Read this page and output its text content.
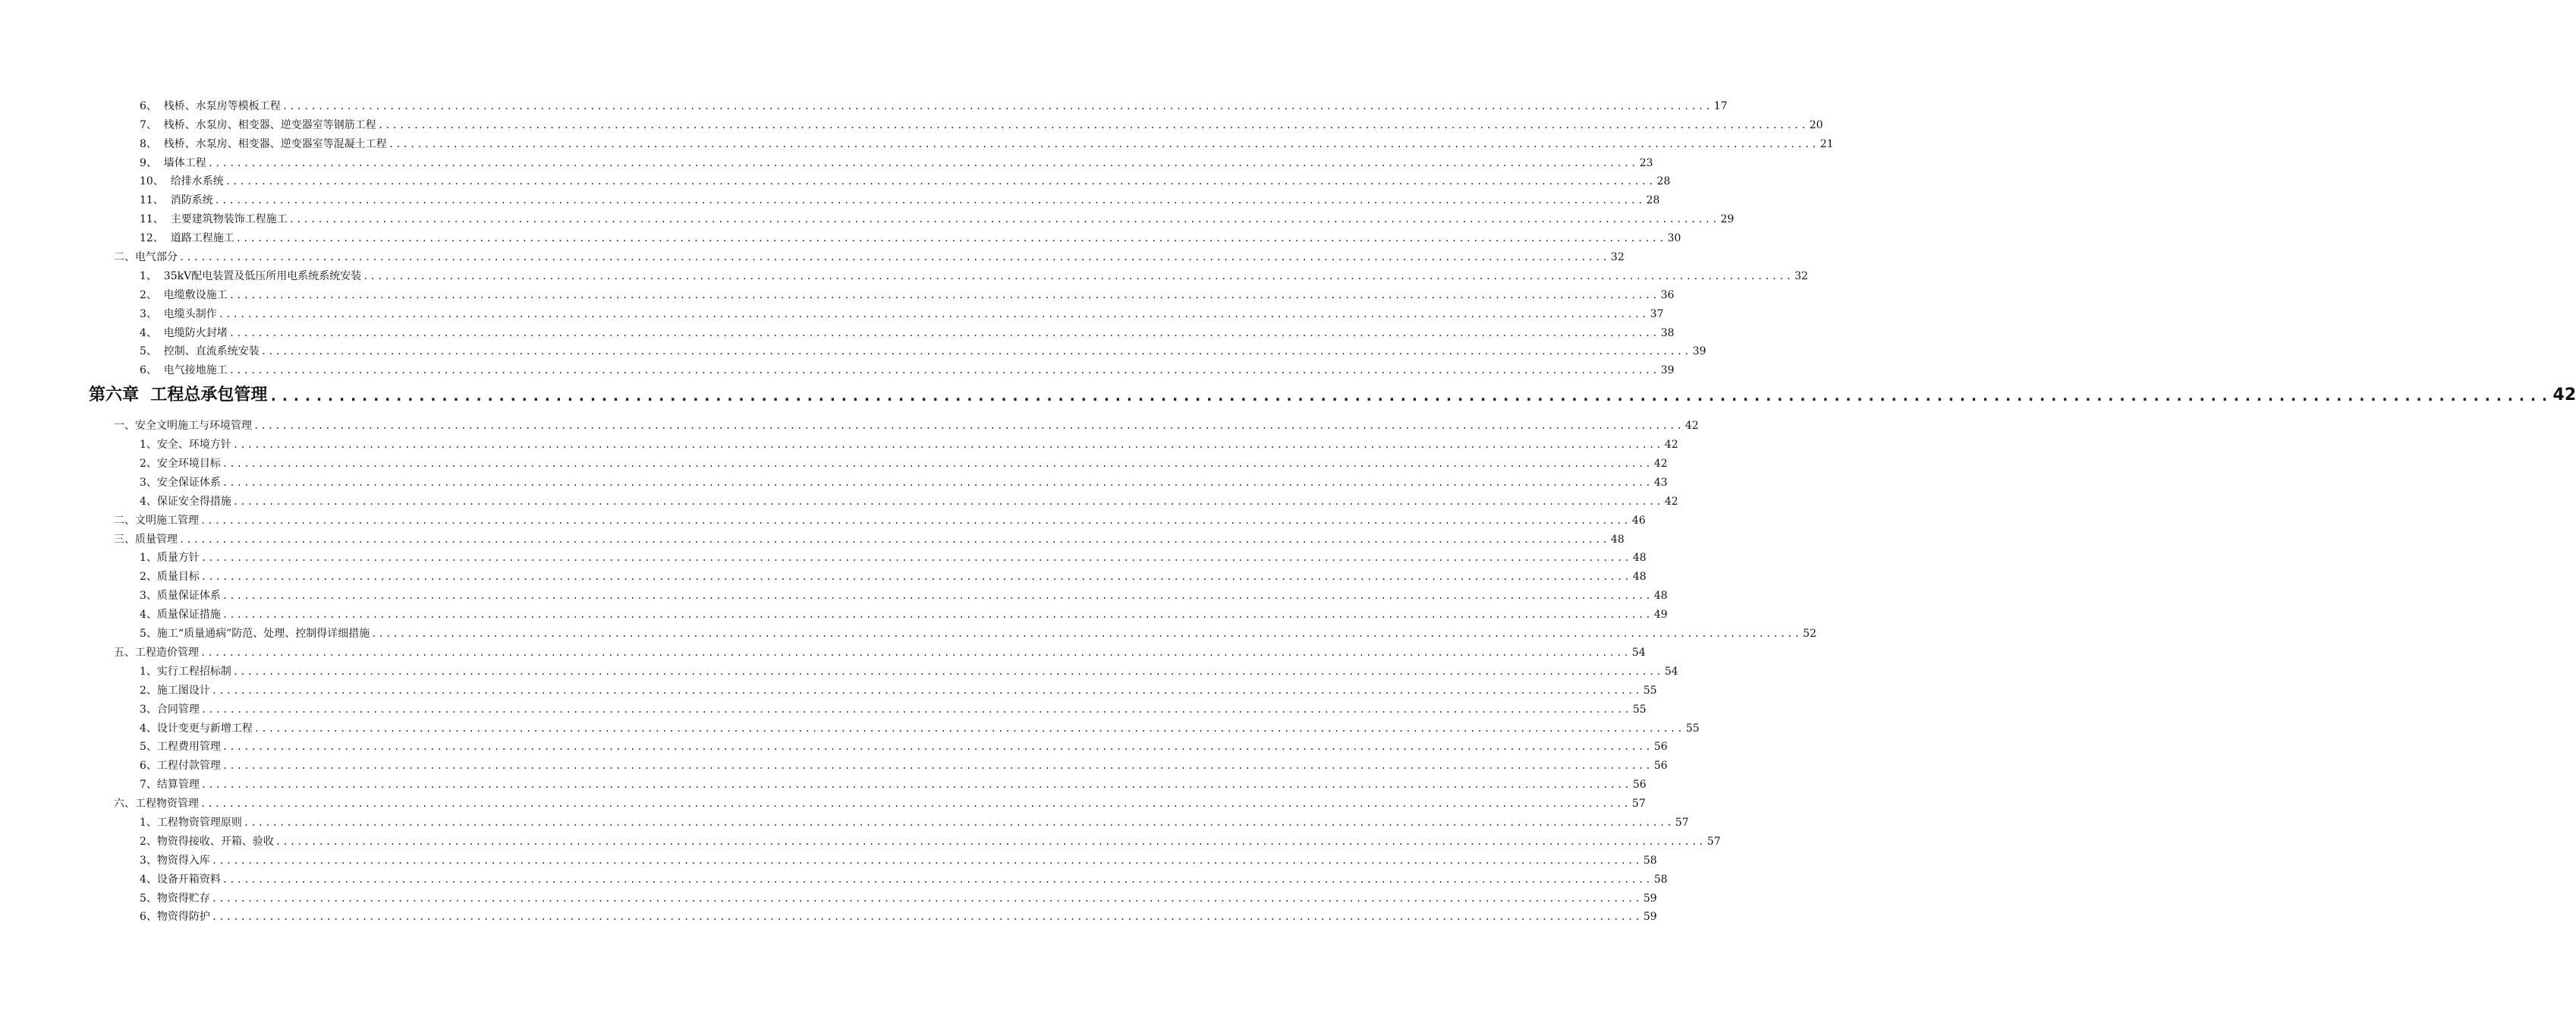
6、  栈桥、水泵房等模板工程 ........................................................................................................................................................................................................ 17
7、  栈桥、水泵房、相变器、逆变器室等钢筋工程 ........................................................................................................................................................................................................ 20
8、  栈桥、水泵房、相变器、逆变器室等混凝土工程 ........................................................................................................................................................................................................ 21
9、  墙体工程 ........................................................................................................................................................................................................ 23
10、  给排水系统 ........................................................................................................................................................................................................ 28
11、  消防系统 ........................................................................................................................................................................................................ 28
11、  主要建筑物装饰工程施工 ........................................................................................................................................................................................................ 29
12、  道路工程施工 ........................................................................................................................................................................................................ 30
二、电气部分 ........................................................................................................................................................................................................ 32
1、  35kV配电装置及低压所用电系统系统安装 ........................................................................................................................................................................................................ 32
2、  电缆敷设施工 ........................................................................................................................................................................................................ 36
3、  电缆头制作 ........................................................................................................................................................................................................ 37
4、  电缆防火封堵 ........................................................................................................................................................................................................ 38
5、  控制、直流系统安装 ........................................................................................................................................................................................................ 39
6、  电气接地施工 ........................................................................................................................................................................................................ 39
第六章  工程总承包管理 ........................................................................................................................................................................................................ 42
一、安全文明施工与环境管理 ........................................................................................................................................................................................................ 42
1、安全、环境方针 ........................................................................................................................................................................................................ 42
2、安全环境目标 ........................................................................................................................................................................................................ 42
3、安全保证体系 ........................................................................................................................................................................................................ 43
4、保证安全得措施 ........................................................................................................................................................................................................ 42
二、文明施工管理 ........................................................................................................................................................................................................ 46
三、质量管理 ........................................................................................................................................................................................................ 48
1、质量方针 ........................................................................................................................................................................................................ 48
2、质量目标 ........................................................................................................................................................................................................ 48
3、质量保证体系 ........................................................................................................................................................................................................ 48
4、质量保证措施 ........................................................................................................................................................................................................ 49
5、施工“质量通病”防范、处理、控制得详细措施 ........................................................................................................................................................................................................ 52
五、工程造价管理 ........................................................................................................................................................................................................ 54
1、实行工程招标制 ........................................................................................................................................................................................................ 54
2、施工图设计 ........................................................................................................................................................................................................ 55
3、合同管理 ........................................................................................................................................................................................................ 55
4、设计变更与新增工程 ........................................................................................................................................................................................................ 55
5、工程费用管理 ........................................................................................................................................................................................................ 56
6、工程付款管理 ........................................................................................................................................................................................................ 56
7、结算管理 ........................................................................................................................................................................................................ 56
六、工程物资管理 ........................................................................................................................................................................................................ 57
1、工程物资管理原则 ........................................................................................................................................................................................................ 57
2、物资得接收、开箱、验收 ........................................................................................................................................................................................................ 57
3、物资得入库 ........................................................................................................................................................................................................ 58
4、设备开箱资料 ........................................................................................................................................................................................................ 58
5、物资得贮存 ........................................................................................................................................................................................................ 59
6、物资得防护 ........................................................................................................................................................................................................ 59
